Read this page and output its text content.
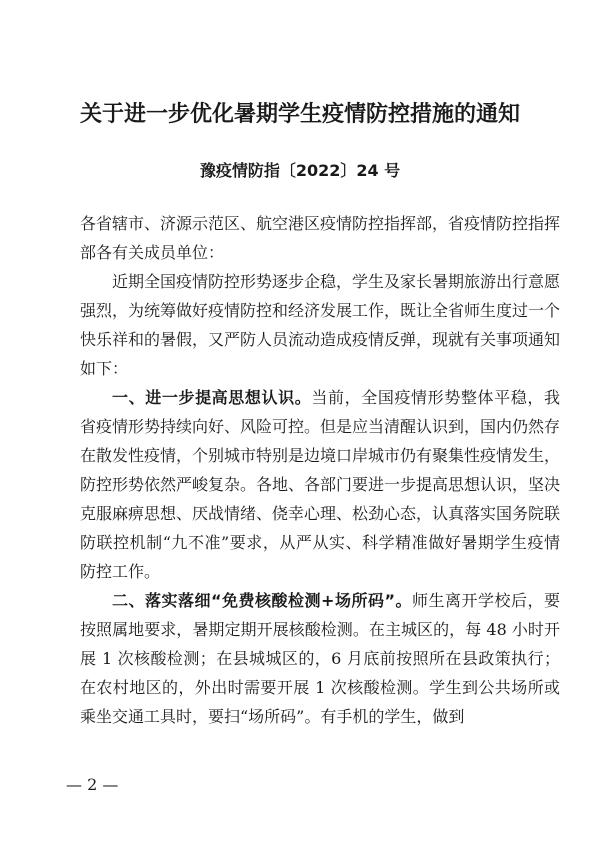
关于进一步优化暑期学生疫情防控措施的通知
豫疫情防指〔2022〕24 号

各省辖市、济源示范区、航空港区疫情防控指挥部，省疫情防控指挥部各有关成员单位：

近期全国疫情防控形势逐步企稳，学生及家长暑期旅游出行意愿强烈，为统筹做好疫情防控和经济发展工作，既让全省师生度过一个快乐祥和的暑假，又严防人员流动造成疫情反弹，现就有关事项通知如下：

一、进一步提高思想认识。当前，全国疫情形势整体平稳，我省疫情形势持续向好、风险可控。但是应当清醒认识到，国内仍然存在散发性疫情，个别城市特别是边境口岸城市仍有聚集性疫情发生，防控形势依然严峻复杂。各地、各部门要进一步提高思想认识，坚决克服麻痹思想、厌战情绪、侥幸心理、松劲心态，认真落实国务院联防联控机制“九不准”要求，从严从实、科学精准做好暑期学生疫情防控工作。

二、落实落细“免费核酸检测+场所码”。师生离开学校后，要按照属地要求，暑期定期开展核酸检测。在主城区的，每 48 小时开展 1 次核酸检测；在县城城区的，6 月底前按照所在县政策执行；在农村地区的，外出时需要开展 1 次核酸检测。学生到公共场所或乘坐交通工具时，要扫“场所码”。有手机的学生，做到

— 2 —
